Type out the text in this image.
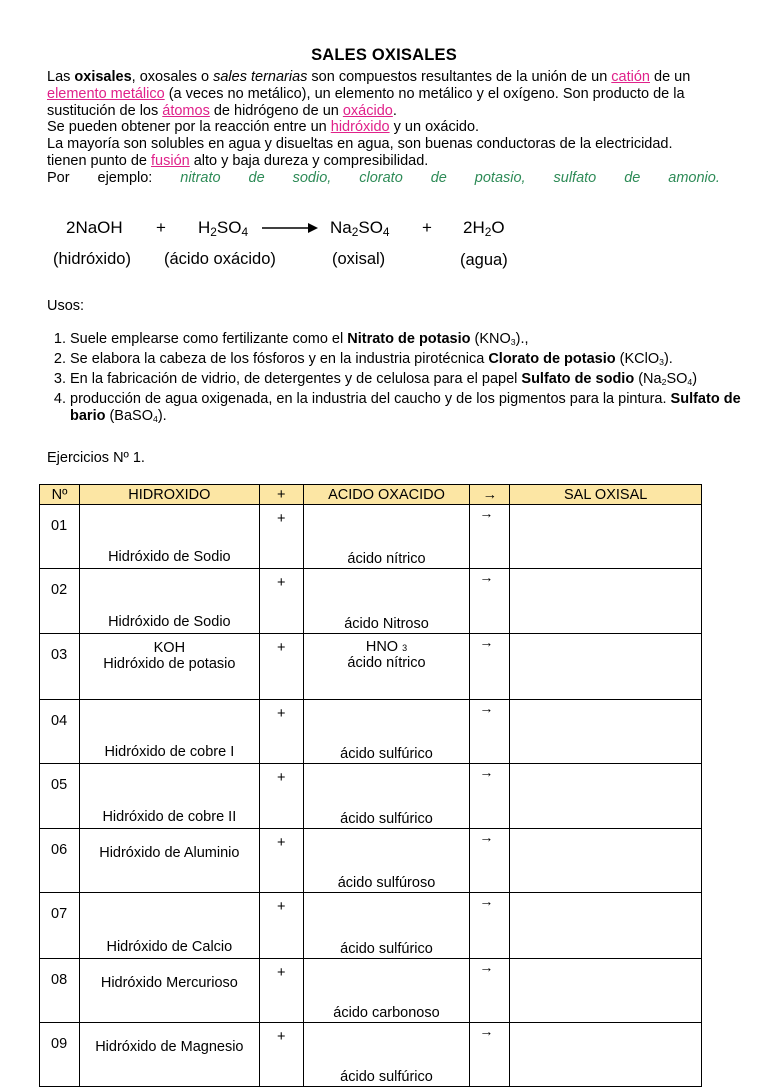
SALES OXISALES

Las oxisales, oxosales o sales ternarias son compuestos resultantes de la unión de un catión de un elemento metálico (a veces no metálico), un elemento no metálico y el oxígeno. Son producto de la sustitución de los átomos de hidrógeno de un oxácido.

Se pueden obtener por la reacción entre un hidróxido y un oxácido.

La mayoría son solubles en agua y disueltas en agua, son buenas conductoras de la electricidad.

tienen punto de fusión alto y baja dureza y compresibilidad.

Por ejemplo: nitrato de sodio, clorato de potasio, sulfato de amonio.

2NaOH + $H_2SO_4 \to Na_2SO_4 + 2H_2O$
(hidróxido) (ácido oxácido)	(oxisal)	(agua)
Usos:
1. Suele emplearse como fertilizante como el Nitrato de potasio $(KNO_3)$.,
2. Se elabora la cabeza de los fósforos y en la industria pirotécnica Clorato de potasio (KClO$_3$).
3. En la fabricación de vidrio, de detergentes y de celulosa para el papel Sulfato de sodio $(Na_2SO_4)$
4. producción de agua oxigenada, en la industria del caucho y de los pigmentos para la pintura. Sulfato de bario (BaSO$_4$).
Ejercicios Nº 1.
Nº	HIDROXIDO	+	ACIDO OXACIDO	→	SAL OXISAL
01	Hidróxido de Sodio	+	ácido nítrico	→	

02	Hidróxido de Sodio	+	ácido Nitroso	→	

03	KOH
Hidróxido de potasio	+	HNO 3
ácido nítrico	→	

04	Hidróxido de cobre I	+	ácido sulfúrico	→	

05	Hidróxido de cobre II	+	ácido sulfúrico	→	

06	Hidróxido de Aluminio	+	ácido sulfúroso	→	

07	Hidróxido de Calcio	+	ácido sulfúrico	→	

08	Hidróxido Mercurioso	+	ácido carbonoso	→	

09	Hidróxido de Magnesio	+	ácido sulfúrico	→	
